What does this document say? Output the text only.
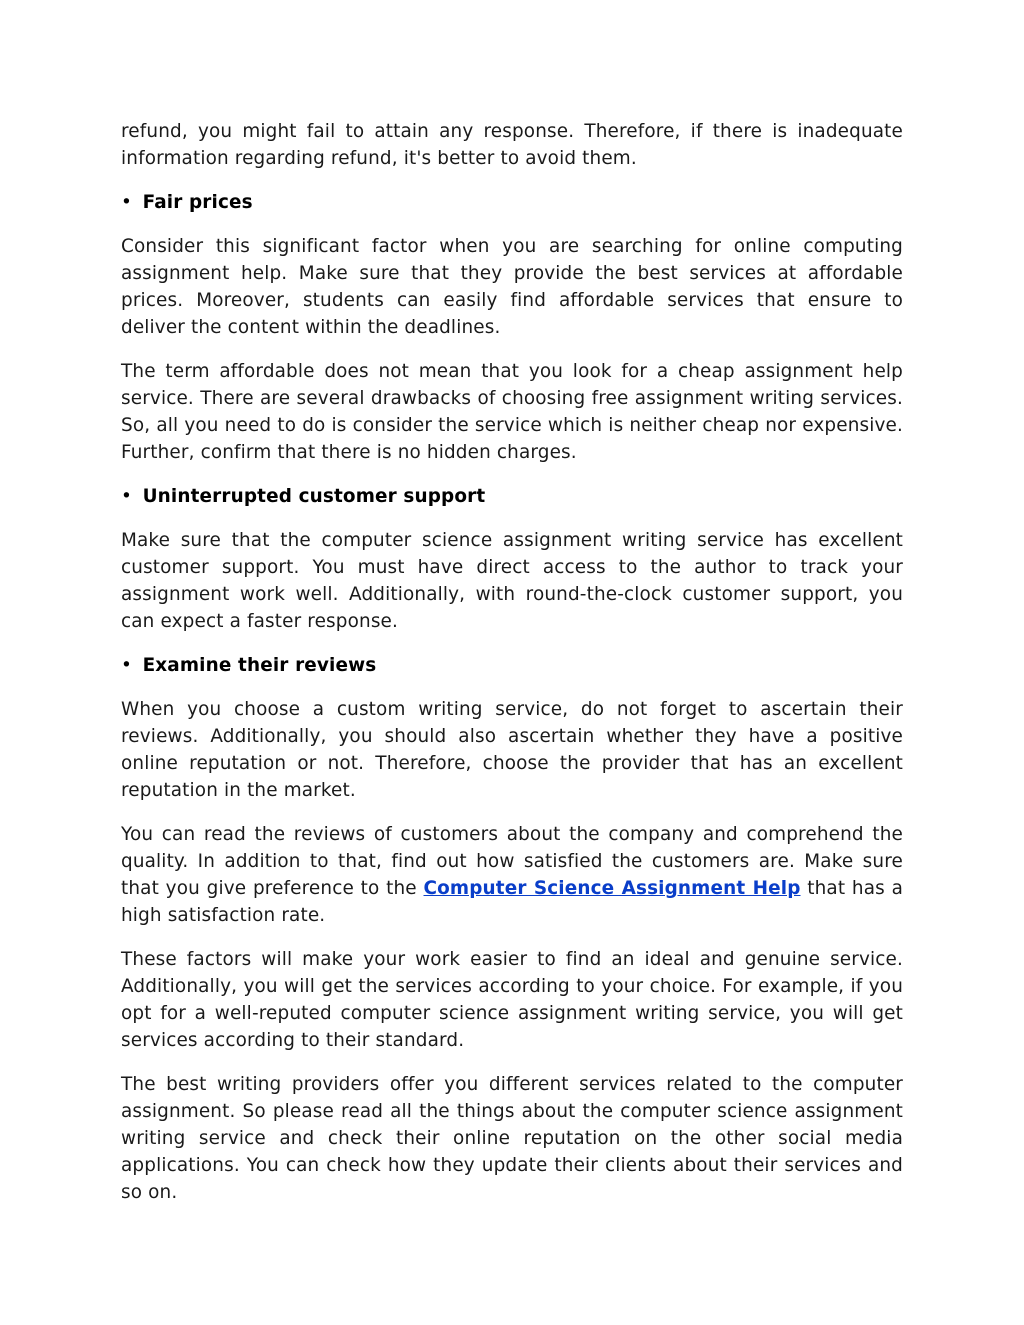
refund, you might fail to attain any response. Therefore, if there is inadequate information regarding refund, it's better to avoid them.

• Fair prices

Consider this significant factor when you are searching for online computing assignment help. Make sure that they provide the best services at affordable prices. Moreover, students can easily find affordable services that ensure to deliver the content within the deadlines.

The term affordable does not mean that you look for a cheap assignment help service. There are several drawbacks of choosing free assignment writing services. So, all you need to do is consider the service which is neither cheap nor expensive. Further, confirm that there is no hidden charges.

• Uninterrupted customer support

Make sure that the computer science assignment writing service has excellent customer support. You must have direct access to the author to track your assignment work well. Additionally, with round-the-clock customer support, you can expect a faster response.

• Examine their reviews

When you choose a custom writing service, do not forget to ascertain their reviews. Additionally, you should also ascertain whether they have a positive online reputation or not. Therefore, choose the provider that has an excellent reputation in the market.

You can read the reviews of customers about the company and comprehend the quality. In addition to that, find out how satisfied the customers are. Make sure that you give preference to the Computer Science Assignment Help that has a high satisfaction rate.

These factors will make your work easier to find an ideal and genuine service. Additionally, you will get the services according to your choice. For example, if you opt for a well-reputed computer science assignment writing service, you will get services according to their standard.

The best writing providers offer you different services related to the computer assignment. So please read all the things about the computer science assignment writing service and check their online reputation on the other social media applications. You can check how they update their clients about their services and so on.
